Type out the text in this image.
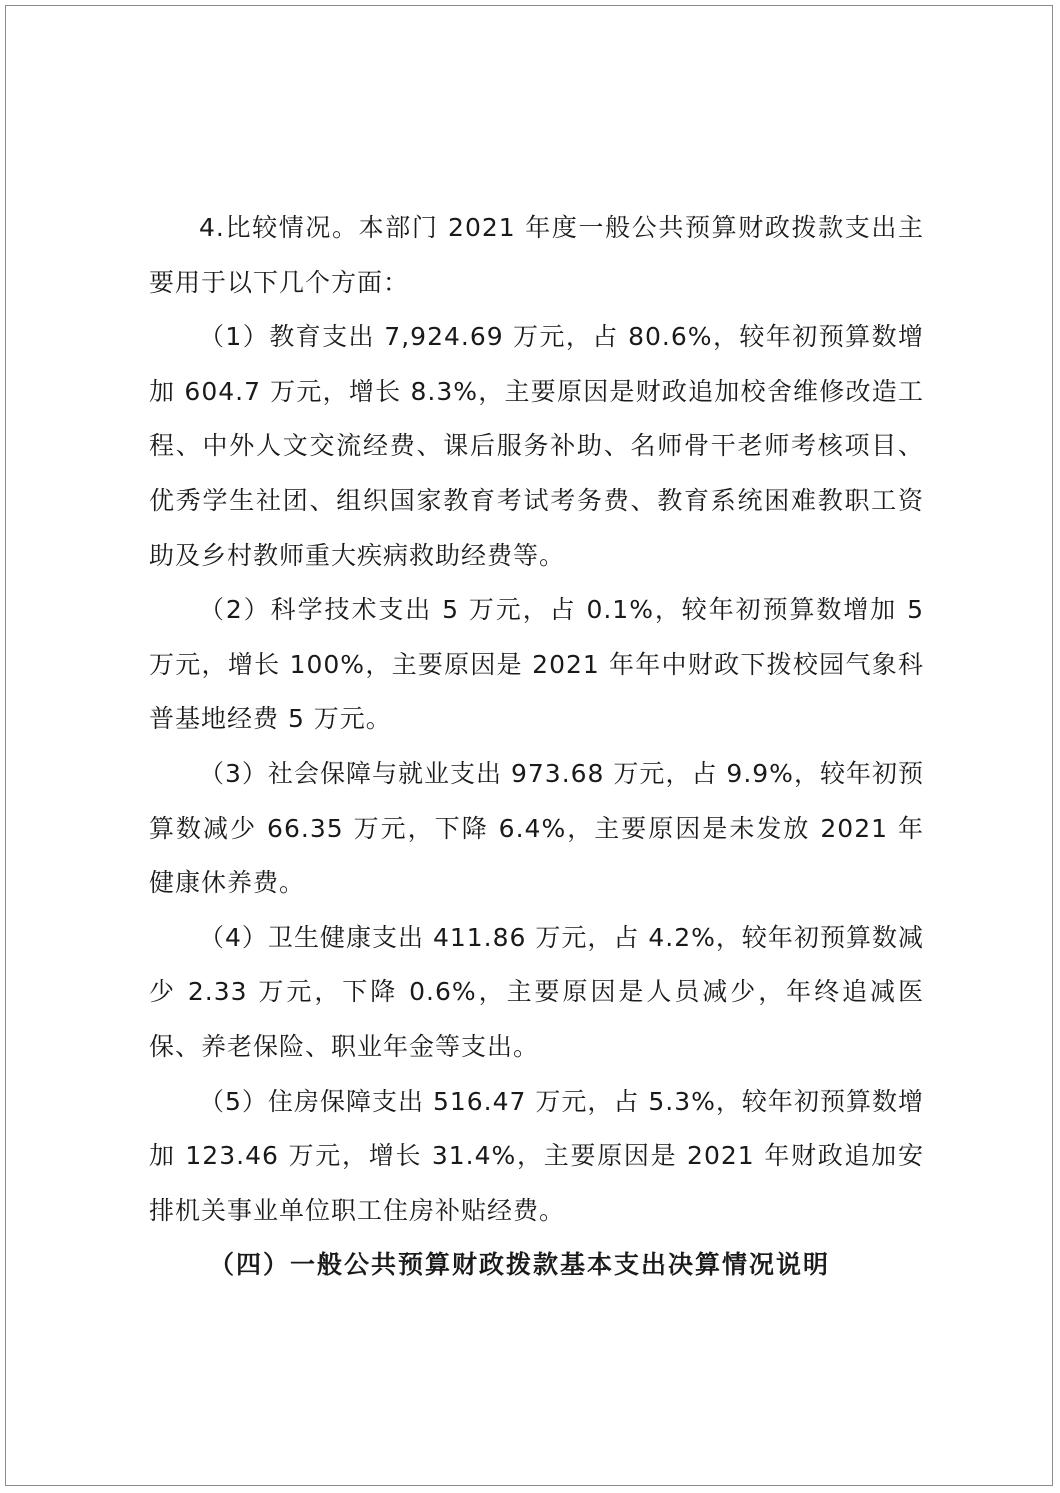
4.比较情况。本部门 2021 年度一般公共预算财政拨款支出主要用于以下几个方面：

（1）教育支出 7,924.69 万元，占 80.6%，较年初预算数增加 604.7 万元，增长 8.3%，主要原因是财政追加校舍维修改造工程、中外人文交流经费、课后服务补助、名师骨干老师考核项目、优秀学生社团、组织国家教育考试考务费、教育系统困难教职工资助及乡村教师重大疾病救助经费等。

（2）科学技术支出 5 万元，占 0.1%，较年初预算数增加 5 万元，增长 100%，主要原因是 2021 年年中财政下拨校园气象科普基地经费 5 万元。

（3）社会保障与就业支出 973.68 万元，占 9.9%，较年初预算数减少 66.35 万元，下降 6.4%，主要原因是未发放 2021 年健康休养费。

（4）卫生健康支出 411.86 万元，占 4.2%，较年初预算数减少 2.33 万元，下降 0.6%，主要原因是人员减少，年终追减医保、养老保险、职业年金等支出。

（5）住房保障支出 516.47 万元，占 5.3%，较年初预算数增加 123.46 万元，增长 31.4%，主要原因是 2021 年财政追加安排机关事业单位职工住房补贴经费。

（四）一般公共预算财政拨款基本支出决算情况说明
